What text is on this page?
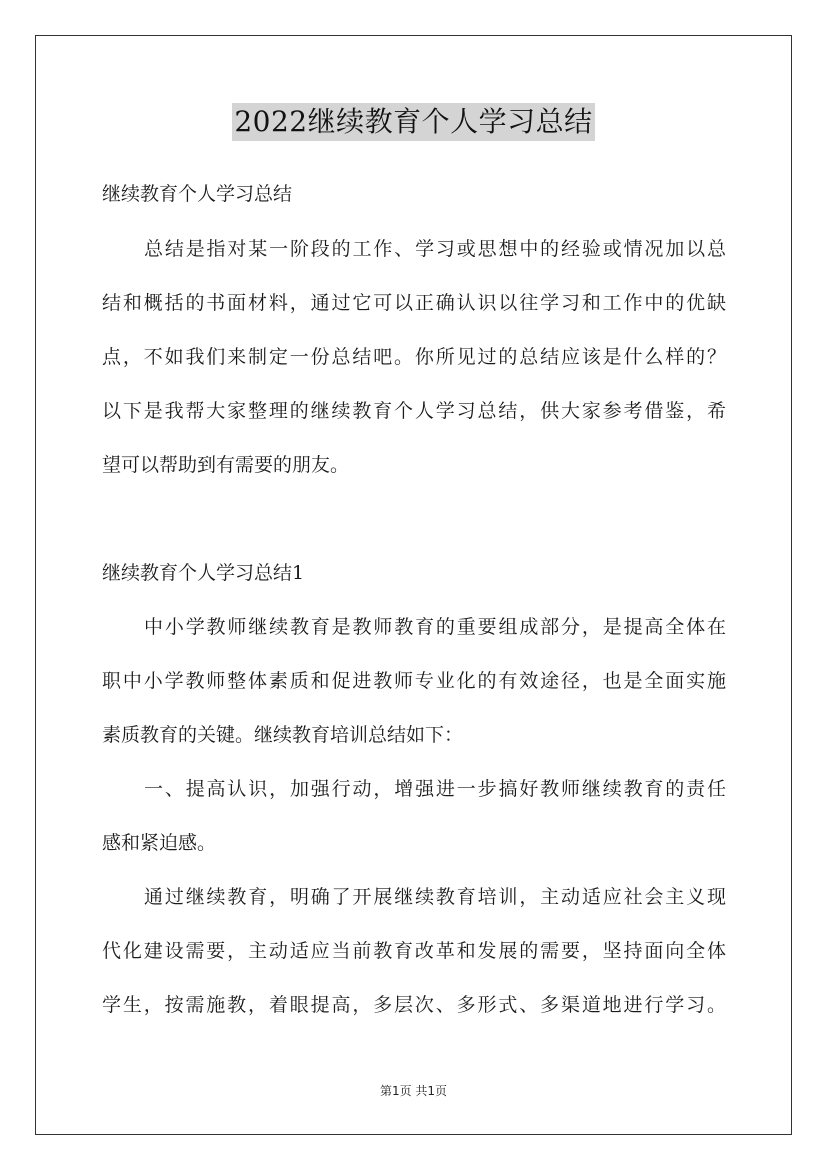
2022继续教育个人学习总结
继续教育个人学习总结
总结是指对某一阶段的工作、学习或思想中的经验或情况加以总
结和概括的书面材料，通过它可以正确认识以往学习和工作中的优缺
点，不如我们来制定一份总结吧。你所见过的总结应该是什么样的？
以下是我帮大家整理的继续教育个人学习总结，供大家参考借鉴，希
望可以帮助到有需要的朋友。
继续教育个人学习总结1
中小学教师继续教育是教师教育的重要组成部分，是提高全体在
职中小学教师整体素质和促进教师专业化的有效途径，也是全面实施
素质教育的关键。继续教育培训总结如下：
一、提高认识，加强行动，增强进一步搞好教师继续教育的责任
感和紧迫感。
通过继续教育，明确了开展继续教育培训，主动适应社会主义现
代化建设需要，主动适应当前教育改革和发展的需要，坚持面向全体
学生，按需施教，着眼提高，多层次、多形式、多渠道地进行学习。
第1页 共1页
